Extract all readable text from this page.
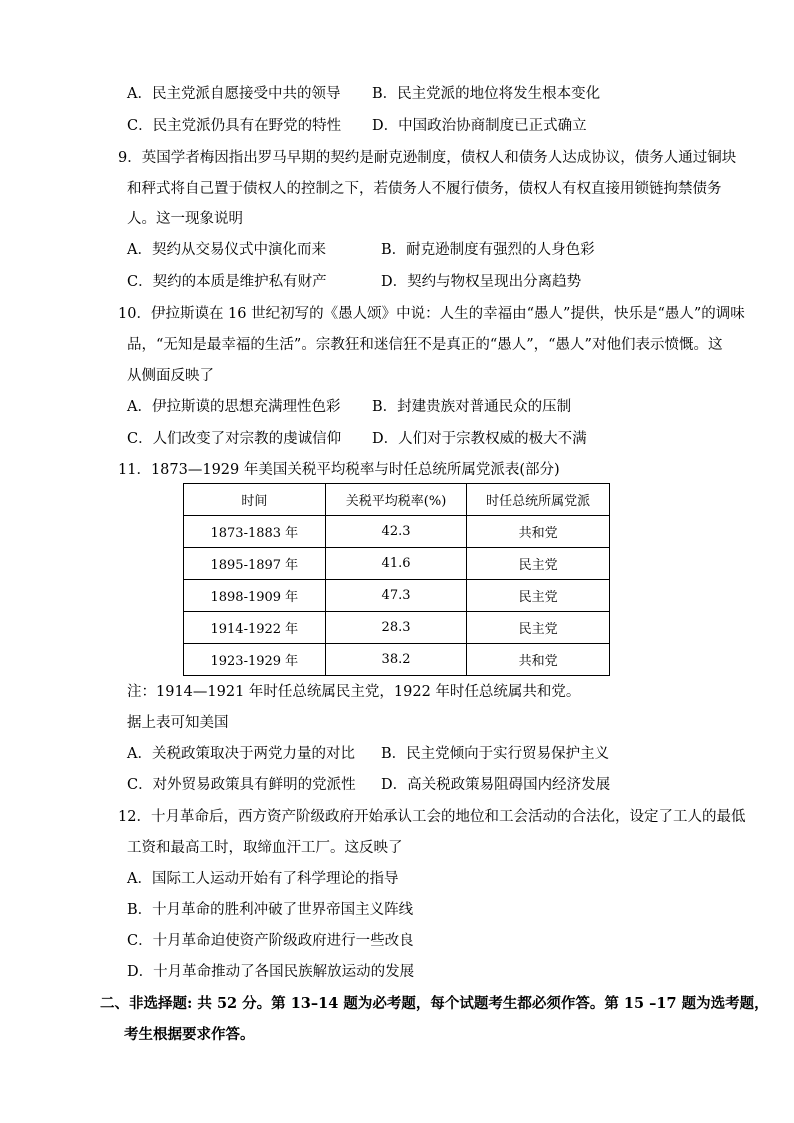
A．民主党派自愿接受中共的领导 B．民主党派的地位将发生根本变化
C．民主党派仍具有在野党的特性 D．中国政治协商制度已正式确立
9．英国学者梅因指出罗马早期的契约是耐克逊制度，债权人和债务人达成协议，债务人通过铜块
和秤式将自己置于债权人的控制之下，若债务人不履行债务，债权人有权直接用锁链拘禁债务
人。这一现象说明
A．契约从交易仪式中演化而来	B．耐克逊制度有强烈的人身色彩
C．契约的本质是维护私有财产	D．契约与物权呈现出分离趋势
10．伊拉斯谟在 16 世纪初写的《愚人颂》中说：人生的幸福由“愚人”提供，快乐是“愚人”的调味
品，“无知是最幸福的生活”。宗教狂和迷信狂不是真正的“愚人”，“愚人”对他们表示愤慨。这
从侧面反映了
A．伊拉斯谟的思想充满理性色彩 B．封建贵族对普通民众的压制
C．人们改变了对宗教的虔诚信仰 D．人们对于宗教权威的极大不满
11．1873—1929 年美国关税平均税率与时任总统所属党派表(部分)
时间	关税平均税率(%)	时任总统所属党派
1873-1883 年	42.3	共和党
1895-1897 年	41.6	民主党
1898-1909 年	47.3	民主党
1914-1922 年	28.3	民主党
1923-1929 年	38.2	共和党
注：1914—1921 年时任总统属民主党，1922 年时任总统属共和党。
据上表可知美国
A．关税政策取决于两党力量的对比 B．民主党倾向于实行贸易保护主义
C．对外贸易政策具有鲜明的党派性 D．高关税政策易阻碍国内经济发展
12．十月革命后，西方资产阶级政府开始承认工会的地位和工会活动的合法化，设定了工人的最低
工资和最高工时，取缔血汗工厂。这反映了
A．国际工人运动开始有了科学理论的指导
B．十月革命的胜利冲破了世界帝国主义阵线
C．十月革命迫使资产阶级政府进行一些改良
D．十月革命推动了各国民族解放运动的发展
二、非选择题: 共 52 分。第 13–14 题为必考题，每个试题考生都必须作答。第 15 –17 题为选考题，
考生根据要求作答。
